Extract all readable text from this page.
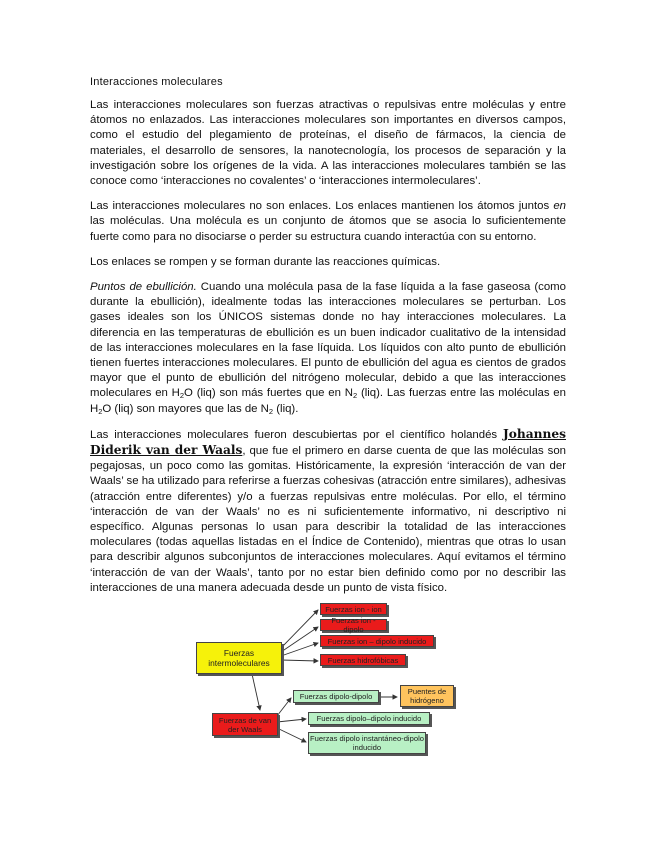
Interacciones moleculares

Las interacciones moleculares son fuerzas atractivas o repulsivas entre moléculas y entre átomos no enlazados. Las interacciones moleculares son importantes en diversos campos, como el estudio del plegamiento de proteínas, el diseño de fármacos, la ciencia de materiales, el desarrollo de sensores, la nanotecnología, los procesos de separación y la investigación sobre los orígenes de la vida. A las interacciones moleculares también se las conoce como ‘interacciones no covalentes’ o ‘interacciones intermoleculares’.

Las interacciones moleculares no son enlaces. Los enlaces mantienen los átomos juntos en las moléculas. Una molécula es un conjunto de átomos que se asocia lo suficientemente fuerte como para no disociarse o perder su estructura cuando interactúa con su entorno.

Los enlaces se rompen y se forman durante las reacciones químicas.

Puntos de ebullición. Cuando una molécula pasa de la fase líquida a la fase gaseosa (como durante la ebullición), idealmente todas las interacciones moleculares se perturban. Los gases ideales son los ÚNICOS sistemas donde no hay interacciones moleculares. La diferencia en las temperaturas de ebullición es un buen indicador cualitativo de la intensidad de las interacciones moleculares en la fase líquida. Los líquidos con alto punto de ebullición tienen fuertes interacciones moleculares. El punto de ebullición del agua es cientos de grados mayor que el punto de ebullición del nitrógeno molecular, debido a que las interacciones moleculares en $H_2O$ (liq) son más fuertes que en $N_2$ (liq). Las fuerzas entre las moléculas en $H_2O$ (liq) son mayores que las de $N_2$ (liq).

Las interacciones moleculares fueron descubiertas por el científico holandés Johannes Diderik van der Waals, que fue el primero en darse cuenta de que las moléculas son pegajosas, un poco como las gomitas. Históricamente, la expresión ‘interacción de van der Waals’ se ha utilizado para referirse a fuerzas cohesivas (atracción entre similares), adhesivas (atracción entre diferentes) y/o a fuerzas repulsivas entre moléculas. Por ello, el término ‘interacción de van der Waals’ no es ni suficientemente informativo, ni descriptivo ni específico. Algunas personas lo usan para describir la totalidad de las interacciones moleculares (todas aquellas listadas en el Índice de Contenido), mientras que otras lo usan para describir algunos subconjuntos de interacciones moleculares. Aquí evitamos el término ‘interacción de van der Waals’, tanto por no estar bien definido como por no describir las interacciones de una manera adecuada desde un punto de vista físico.

Fuerzas intermoleculares
Fuerzas ion - ion
Fuerzas ion - dipolo
Fuerzas ion – dipolo inducido
Fuerzas hidrofóbicas
Fuerzas de van der Waals
Fuerzas dipolo-dipolo
Puentes de hidrógeno
Fuerzas dipolo–dipolo inducido
Fuerzas dipolo instantáneo-dipolo inducido
